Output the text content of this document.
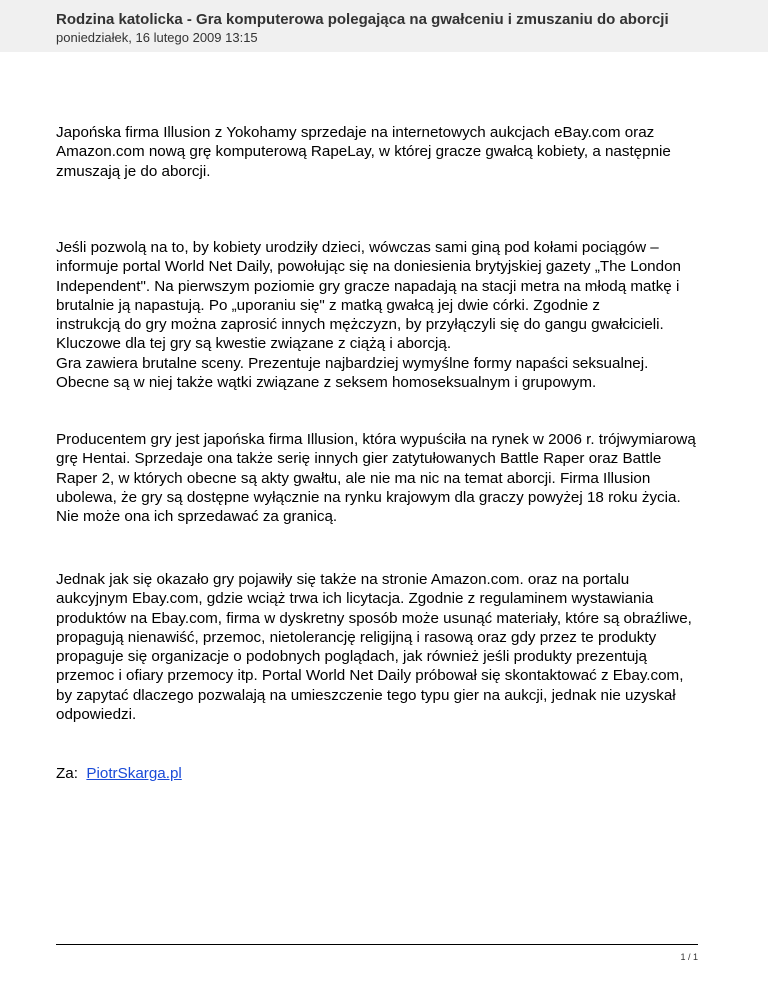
Rodzina katolicka - Gra komputerowa polegająca na gwałceniu i zmuszaniu do aborcji
poniedziałek, 16 lutego 2009 13:15

Japońska firma Illusion z Yokohamy sprzedaje na internetowych aukcjach eBay.com oraz
Amazon.com nową grę komputerową RapeLay, w której gracze gwałcą kobiety, a następnie
zmuszają je do aborcji.

Jeśli pozwolą na to, by kobiety urodziły dzieci, wówczas sami giną pod kołami pociągów –
informuje portal World Net Daily, powołując się na doniesienia brytyjskiej gazety „The London
Independent". Na pierwszym poziomie gry gracze napadają na stacji metra na młodą matkę i
brutalnie ją napastują. Po „uporaniu się" z matką gwałcą jej dwie córki. Zgodnie z
instrukcją do gry można zaprosić innych mężczyzn, by przyłączyli się do gangu gwałcicieli.
Kluczowe dla tej gry są kwestie związane z ciążą i aborcją.
Gra zawiera brutalne sceny. Prezentuje najbardziej wymyślne formy napaści seksualnej.
Obecne są w niej także wątki związane z seksem homoseksualnym i grupowym.

Producentem gry jest japońska firma Illusion, która wypuściła na rynek w 2006 r. trójwymiarową
grę Hentai. Sprzedaje ona także serię innych gier zatytułowanych Battle Raper oraz Battle
Raper 2, w których obecne są akty gwałtu, ale nie ma nic na temat aborcji. Firma Illusion
ubolewa, że gry są dostępne wyłącznie na rynku krajowym dla graczy powyżej 18 roku życia.
Nie może ona ich sprzedawać za granicą.

Jednak jak się okazało gry pojawiły się także na stronie Amazon.com. oraz na portalu
aukcyjnym Ebay.com, gdzie wciąż trwa ich licytacja. Zgodnie z regulaminem wystawiania
produktów na Ebay.com, firma w dyskretny sposób może usunąć materiały, które są obraźliwe,
propagują nienawiść, przemoc, nietolerancję religijną i rasową oraz gdy przez te produkty
propaguje się organizacje o podobnych poglądach, jak również jeśli produkty prezentują
przemoc i ofiary przemocy itp. Portal World Net Daily próbował się skontaktować z Ebay.com,
by zapytać dlaczego pozwalają na umieszczenie tego typu gier na aukcji, jednak nie uzyskał
odpowiedzi.

Za:  PiotrSkarga.pl
1 / 1
